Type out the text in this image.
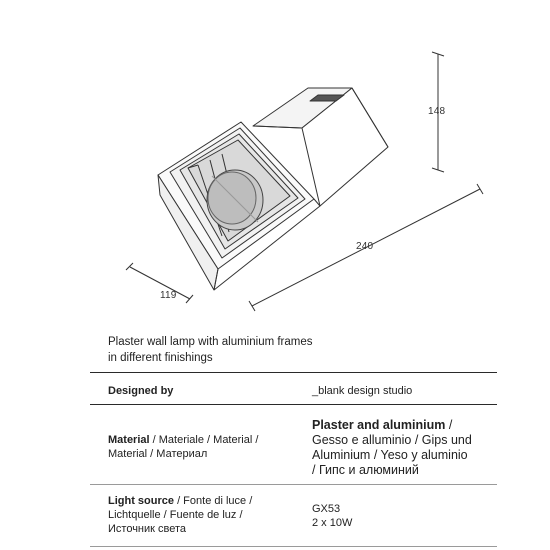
148
240
119
Plaster wall lamp with aluminium frames
in different finishings
Designed by	_blank design studio
Material / Materiale / Material /
Material / Материал
Plaster and aluminium /
Gesso e alluminio / Gips und
Aluminium / Yeso y aluminio
/ Гипс и алюминий
Light source / Fonte di luce /
Lichtquelle / Fuente de luz /
Источник света
GX53
2 x 10W
